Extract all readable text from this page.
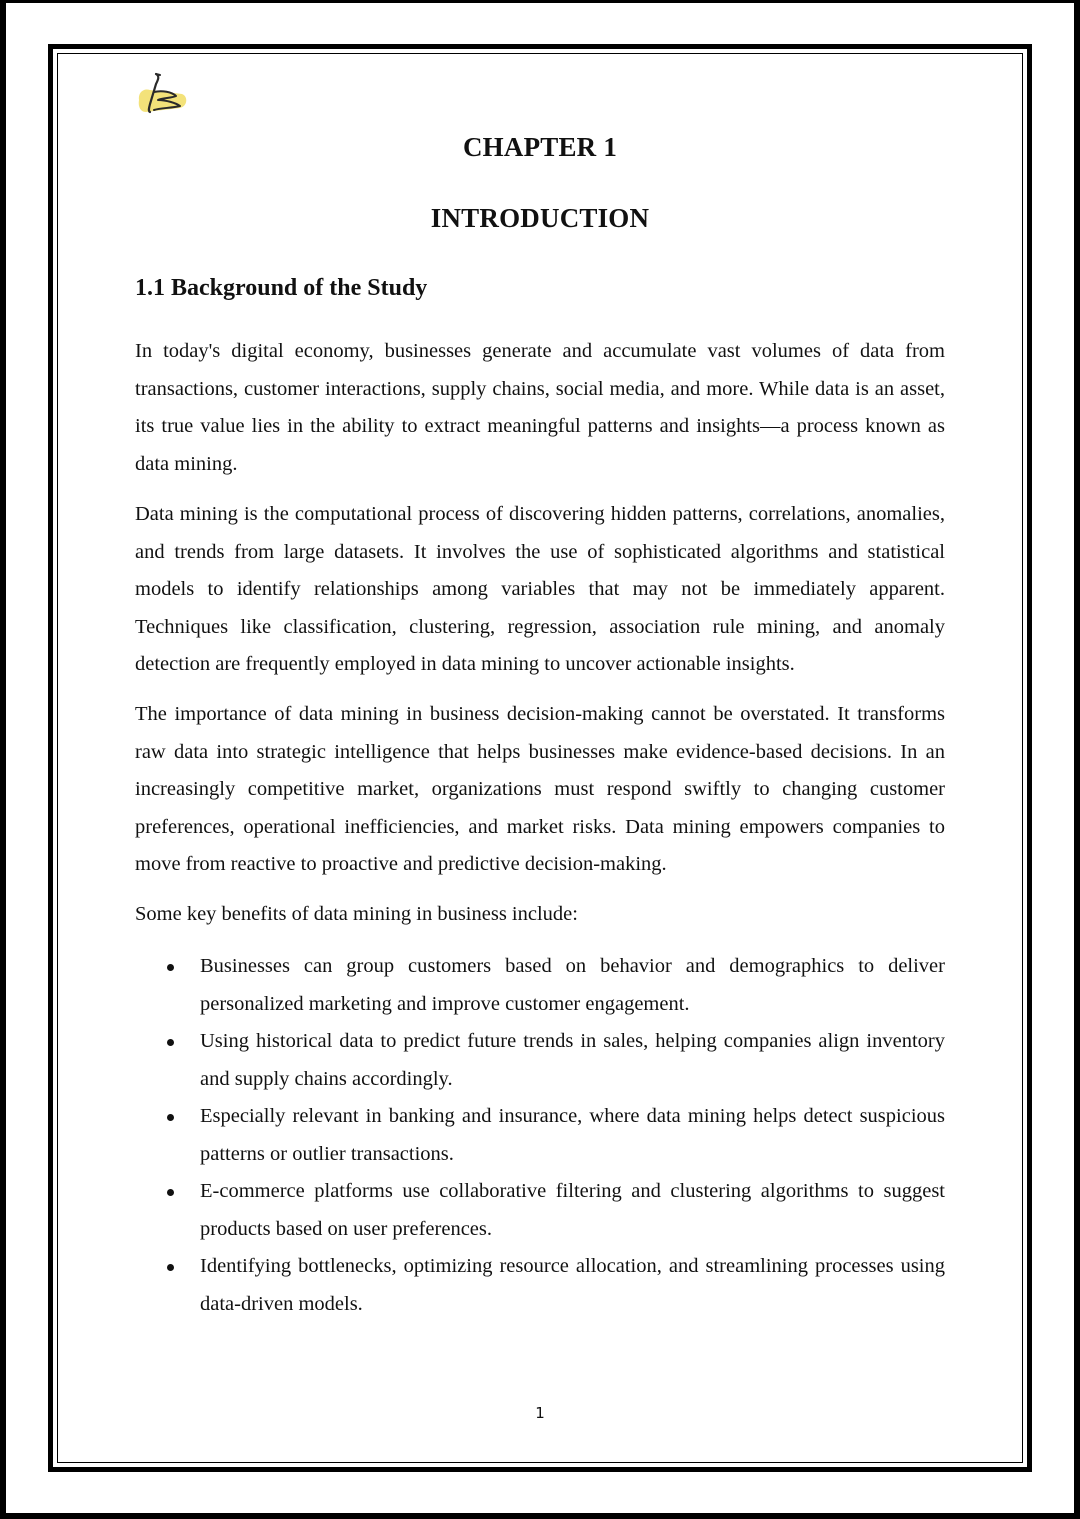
CHAPTER 1
INTRODUCTION
1.1 Background of the Study

In today's digital economy, businesses generate and accumulate vast volumes of data from transactions, customer interactions, supply chains, social media, and more. While data is an asset, its true value lies in the ability to extract meaningful patterns and insights—a process known as data mining.

Data mining is the computational process of discovering hidden patterns, correlations, anomalies, and trends from large datasets. It involves the use of sophisticated algorithms and statistical models to identify relationships among variables that may not be immediately apparent. Techniques like classification, clustering, regression, association rule mining, and anomaly detection are frequently employed in data mining to uncover actionable insights.

The importance of data mining in business decision-making cannot be overstated. It transforms raw data into strategic intelligence that helps businesses make evidence-based decisions. In an increasingly competitive market, organizations must respond swiftly to changing customer preferences, operational inefficiencies, and market risks. Data mining empowers companies to move from reactive to proactive and predictive decision-making.

Some key benefits of data mining in business include:

Businesses can group customers based on behavior and demographics to deliver personalized marketing and improve customer engagement.
Using historical data to predict future trends in sales, helping companies align inventory and supply chains accordingly.
Especially relevant in banking and insurance, where data mining helps detect suspicious patterns or outlier transactions.
E-commerce platforms use collaborative filtering and clustering algorithms to suggest products based on user preferences.
Identifying bottlenecks, optimizing resource allocation, and streamlining processes using data-driven models.
1
